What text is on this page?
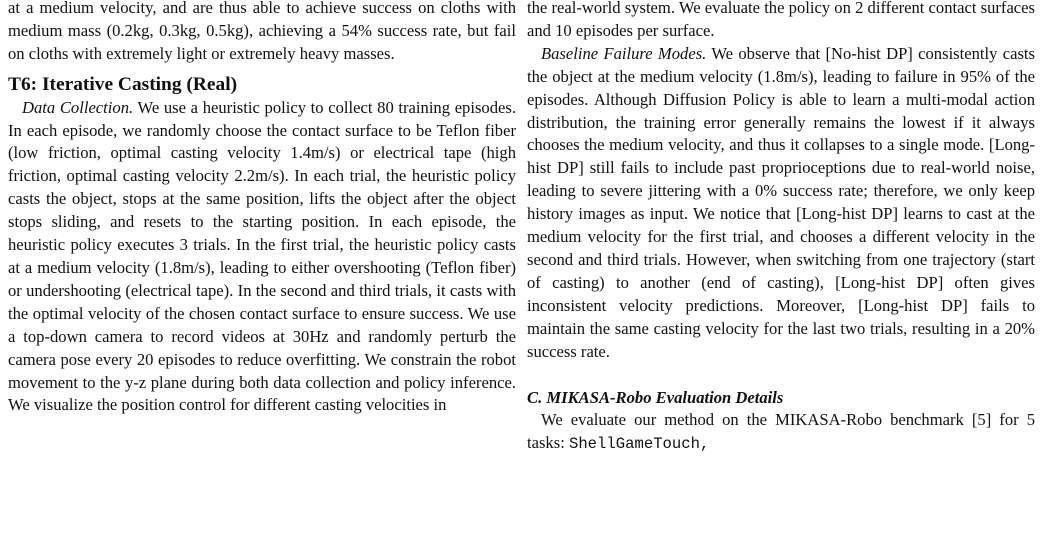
at a medium velocity, and are thus able to achieve success on cloths with medium mass (0.2kg, 0.3kg, 0.5kg), achieving a 54% success rate, but fail on cloths with extremely light or extremely heavy masses.

T6: Iterative Casting (Real)

Data Collection. We use a heuristic policy to collect 80 training episodes. In each episode, we randomly choose the contact surface to be Teflon fiber (low friction, optimal casting velocity 1.4m/s) or electrical tape (high friction, optimal casting velocity 2.2m/s). In each trial, the heuristic policy casts the object, stops at the same position, lifts the object after the object stops sliding, and resets to the starting position. In each episode, the heuristic policy executes 3 trials. In the first trial, the heuristic policy casts at a medium velocity (1.8m/s), leading to either overshooting (Teflon fiber) or undershooting (electrical tape). In the second and third trials, it casts with the optimal velocity of the chosen contact surface to ensure success. We use a top-down camera to record videos at 30Hz and randomly perturb the camera pose every 20 episodes to reduce overfitting. We constrain the robot movement to the y-z plane during both data collection and policy inference. We visualize the position control for different casting velocities in

the real-world system. We evaluate the policy on 2 different contact surfaces and 10 episodes per surface.

Baseline Failure Modes. We observe that [No-hist DP] consistently casts the object at the medium velocity (1.8m/s), leading to failure in 95% of the episodes. Although Diffusion Policy is able to learn a multi-modal action distribution, the training error generally remains the lowest if it always chooses the medium velocity, and thus it collapses to a single mode. [Long-hist DP] still fails to include past proprioceptions due to real-world noise, leading to severe jittering with a 0% success rate; therefore, we only keep history images as input. We notice that [Long-hist DP] learns to cast at the medium velocity for the first trial, and chooses a different velocity in the second and third trials. However, when switching from one trajectory (start of casting) to another (end of casting), [Long-hist DP] often gives inconsistent velocity predictions. Moreover, [Long-hist DP] fails to maintain the same casting velocity for the last two trials, resulting in a 20% success rate.

C. MIKASA-Robo Evaluation Details

We evaluate our method on the MIKASA-Robo benchmark [5] for 5 tasks: ShellGameTouch,
